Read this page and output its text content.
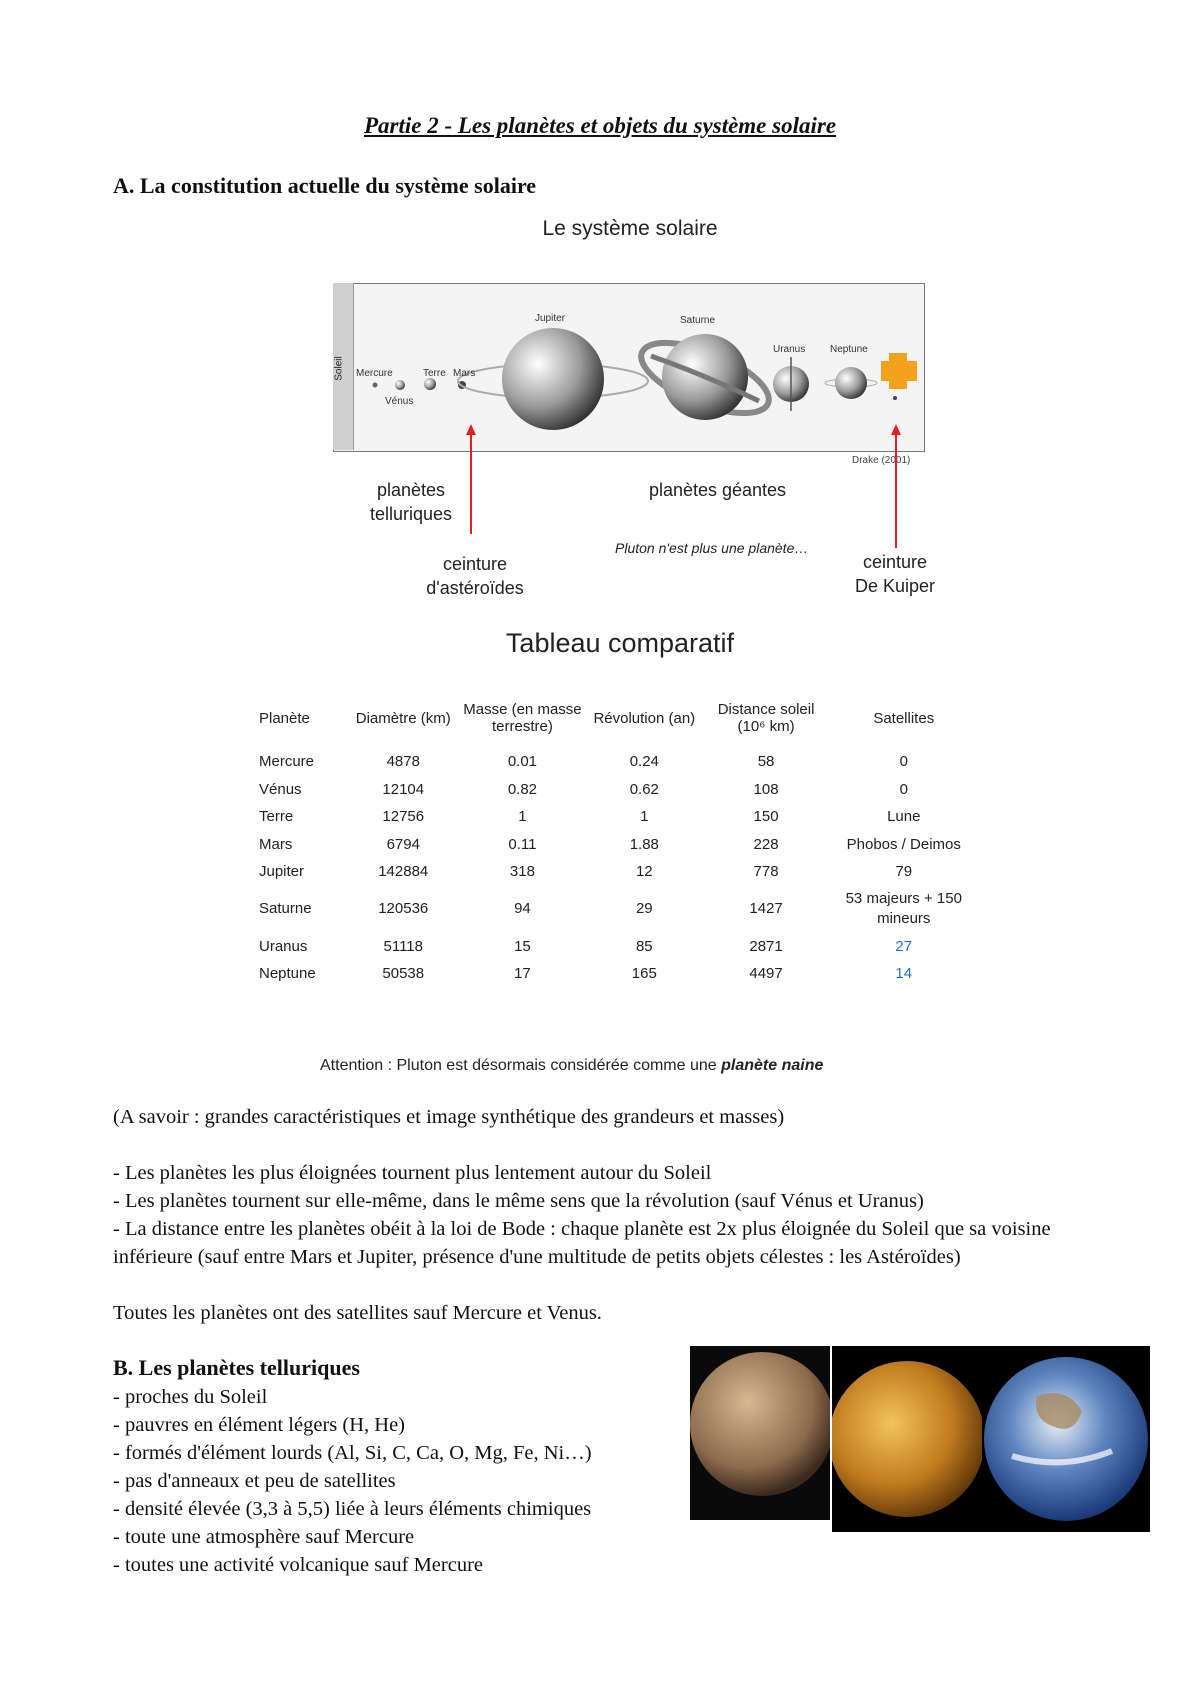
Partie 2 - Les planètes et objets du système solaire
A. La constitution actuelle du système solaire
Le système solaire
Soleil Mercure
Vénus
Terre Mars
Jupiter	Saturne
Uranus Neptune
Drake (2001)
planètes
telluriques
planètes géantes
ceinture
d'astéroïdes
Pluton n'est plus une planète…
ceinture
De Kuiper
Tableau comparatif
Planète	Diamètre (km)	Masse (en masse terrestre)	Révolution (an)	Distance soleil (10⁶ km)	Satellites
Mercure	4878	0.01	0.24	58	0
Vénus	12104	0.82	0.62	108	0
Terre	12756	1	1	150	Lune
Mars	6794	0.11	1.88	228	Phobos / Deimos
Jupiter	142884	318	12	778	79
Saturne	120536	94	29	1427	53 majeurs + 150 mineurs
Uranus	51118	15	85	2871	27
Neptune	50538	17	165	4497	14
Attention : Pluton est désormais considérée comme une planète naine
(A savoir : grandes caractéristiques et image synthétique des grandeurs et masses)
- Les planètes les plus éloignées tournent plus lentement autour du Soleil
- Les planètes tournent sur elle-même, dans le même sens que la révolution (sauf Vénus et Uranus)
- La distance entre les planètes obéit à la loi de Bode : chaque planète est 2x plus éloignée du Soleil que sa voisine inférieure (sauf entre Mars et Jupiter, présence d'une multitude de petits objets célestes : les Astéroïdes)
Toutes les planètes ont des satellites sauf Mercure et Venus.
B. Les planètes telluriques
- proches du Soleil
- pauvres en élément légers (H, He)
- formés d'élément lourds (Al, Si, C, Ca, O, Mg, Fe, Ni…)
- pas d'anneaux et peu de satellites
- densité élevée (3,3 à 5,5) liée à leurs éléments chimiques
- toute une atmosphère sauf Mercure
- toutes une activité volcanique sauf Mercure
